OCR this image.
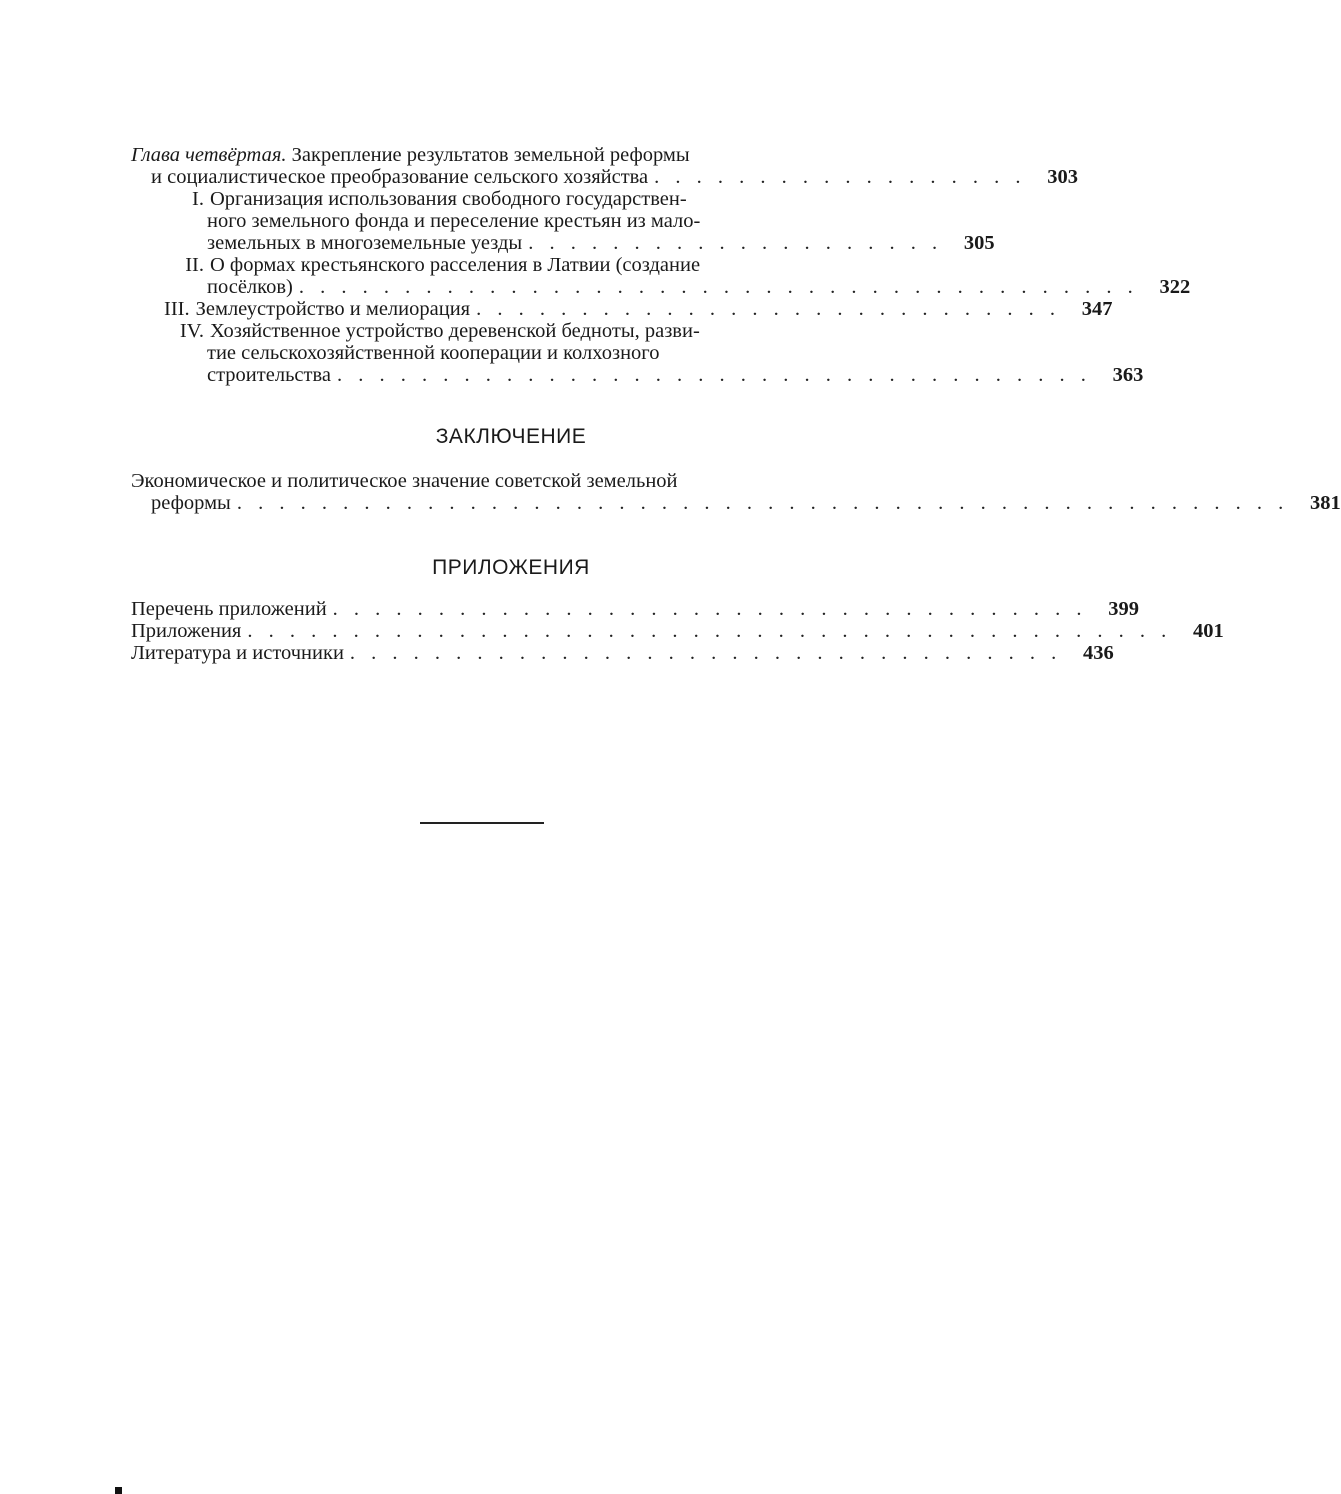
Глава четвёртая. Закрепление результатов земельной реформы
и социалистическое преобразование сельского хозяйства . . . . . . . . . . . . . . . . . .	303
I. Организация использования свободного государствен-
ного земельного фонда и переселение крестьян из мало-
земельных в многоземельные уезды . . . . . . . . . . . . . . . . . . . .	305
II. О формах крестьянского расселения в Латвии (создание
посёлков) . . . . . . . . . . . . . . . . . . . . . . . . . . . . . . . . . . . . . . . .	322
III. Землеустройство и мелиорация . . . . . . . . . . . . . . . . . . . . . . . . . . . .	347
IV. Хозяйственное устройство деревенской бедноты, разви-
тие сельскохозяйственной кооперации и колхозного
строительства . . . . . . . . . . . . . . . . . . . . . . . . . . . . . . . . . . . .	363
ЗАКЛЮЧЕНИЕ
Экономическое и политическое значение советской земельной
реформы . . . . . . . . . . . . . . . . . . . . . . . . . . . . . . . . . . . . . . . . . . . . . . . . . .	381
ПРИЛОЖЕНИЯ
Перечень приложений . . . . . . . . . . . . . . . . . . . . . . . . . . . . . . . . . . . .	399
Приложения . . . . . . . . . . . . . . . . . . . . . . . . . . . . . . . . . . . . . . . . . . . .	401
Литература и источники . . . . . . . . . . . . . . . . . . . . . . . . . . . . . . . . . .	436
